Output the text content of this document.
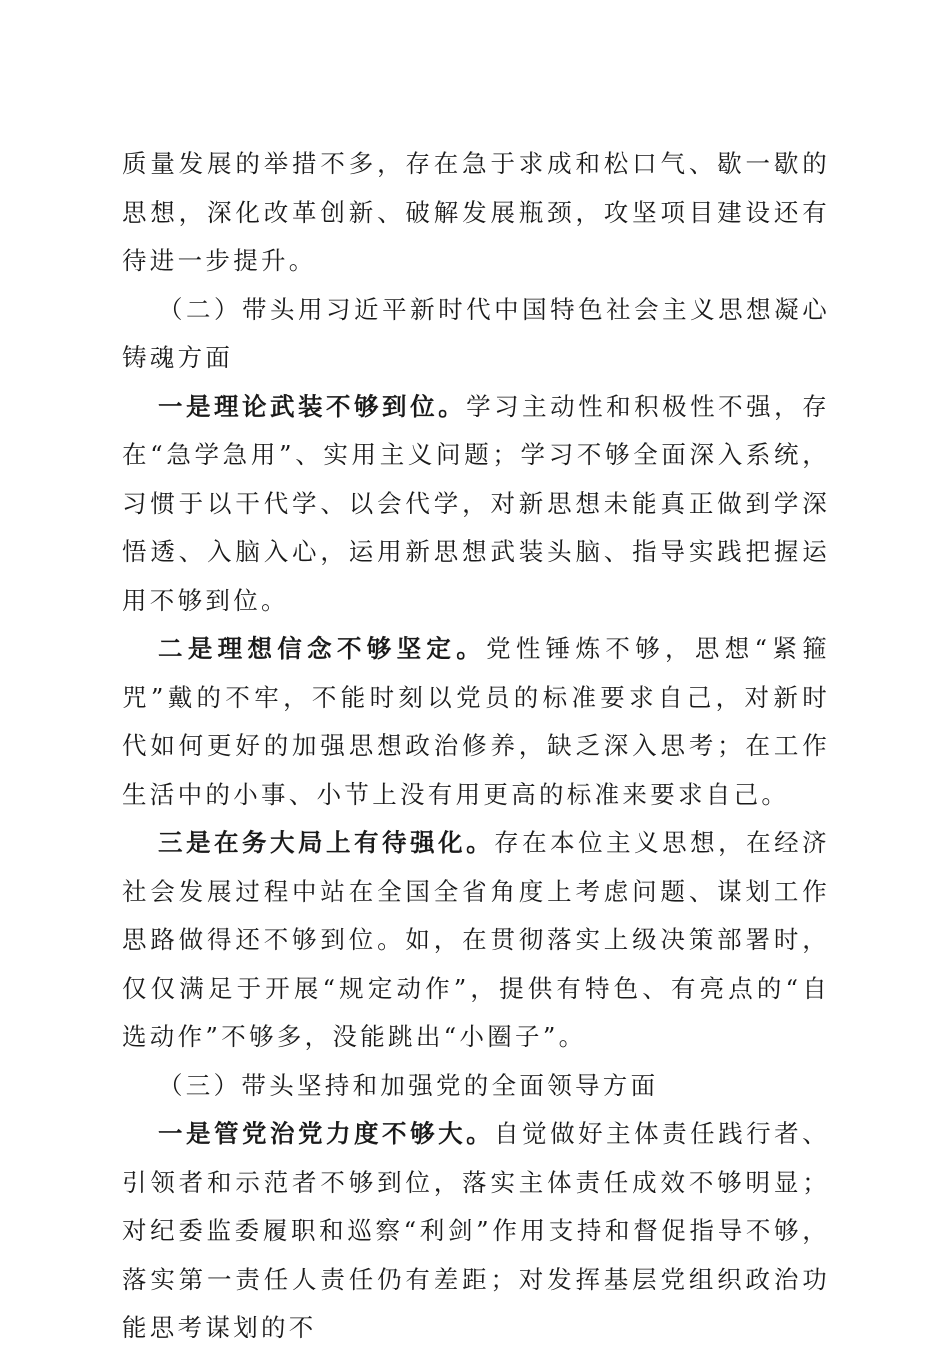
质量发展的举措不多，存在急于求成和松口气、歇一歇的思想，深化改革创新、破解发展瓶颈，攻坚项目建设还有待进一步提升。

（二）带头用习近平新时代中国特色社会主义思想凝心铸魂方面

一是理论武装不够到位。学习主动性和积极性不强，存在“急学急用”、实用主义问题；学习不够全面深入系统，习惯于以干代学、以会代学，对新思想未能真正做到学深悟透、入脑入心，运用新思想武装头脑、指导实践把握运用不够到位。

二是理想信念不够坚定。党性锤炼不够，思想“紧箍咒”戴的不牢，不能时刻以党员的标准要求自己，对新时代如何更好的加强思想政治修养，缺乏深入思考；在工作生活中的小事、小节上没有用更高的标准来要求自己。

三是在务大局上有待强化。存在本位主义思想，在经济社会发展过程中站在全国全省角度上考虑问题、谋划工作思路做得还不够到位。如，在贯彻落实上级决策部署时，仅仅满足于开展“规定动作”，提供有特色、有亮点的“自选动作”不够多，没能跳出“小圈子”。

（三）带头坚持和加强党的全面领导方面

一是管党治党力度不够大。自觉做好主体责任践行者、引领者和示范者不够到位，落实主体责任成效不够明显；对纪委监委履职和巡察“利剑”作用支持和督促指导不够，落实第一责任人责任仍有差距；对发挥基层党组织政治功能思考谋划的不
